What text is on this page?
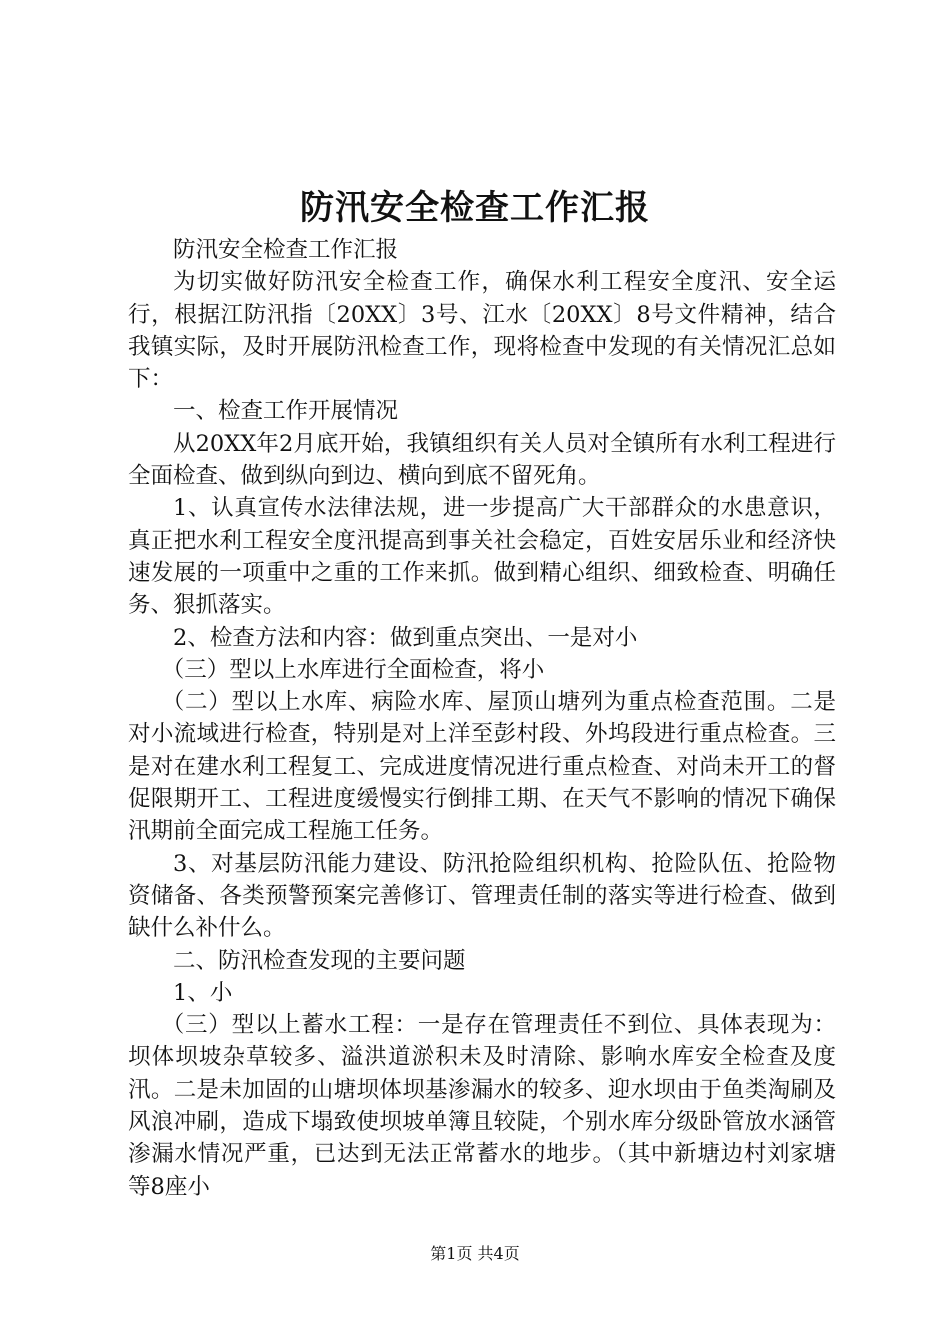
防汛安全检查工作汇报

防汛安全检查工作汇报

为切实做好防汛安全检查工作，确保水利工程安全度汛、安全运行，根据江防汛指〔20XX〕3号、江水〔20XX〕8号文件精神，结合我镇实际，及时开展防汛检查工作，现将检查中发现的有关情况汇总如下：

一、检查工作开展情况

从20XX年2月底开始，我镇组织有关人员对全镇所有水利工程进行全面检查、做到纵向到边、横向到底不留死角。

1、认真宣传水法律法规，进一步提高广大干部群众的水患意识，真正把水利工程安全度汛提高到事关社会稳定，百姓安居乐业和经济快速发展的一项重中之重的工作来抓。做到精心组织、细致检查、明确任务、狠抓落实。

2、检查方法和内容：做到重点突出、一是对小

（三）型以上水库进行全面检查，将小

（二）型以上水库、病险水库、屋顶山塘列为重点检查范围。二是对小流域进行检查，特别是对上洋至彭村段、外坞段进行重点检查。三是对在建水利工程复工、完成进度情况进行重点检查、对尚未开工的督促限期开工、工程进度缓慢实行倒排工期、在天气不影响的情况下确保汛期前全面完成工程施工任务。

3、对基层防汛能力建设、防汛抢险组织机构、抢险队伍、抢险物资储备、各类预警预案完善修订、管理责任制的落实等进行检查、做到缺什么补什么。

二、防汛检查发现的主要问题

1、小

（三）型以上蓄水工程：一是存在管理责任不到位、具体表现为：坝体坝坡杂草较多、溢洪道淤积未及时清除、影响水库安全检查及度汛。二是未加固的山塘坝体坝基渗漏水的较多、迎水坝由于鱼类淘刷及风浪冲刷，造成下塌致使坝坡单簿且较陡，个别水库分级卧管放水涵管渗漏水情况严重，已达到无法正常蓄水的地步。（其中新塘边村刘家塘等8座小

第1页 共4页
